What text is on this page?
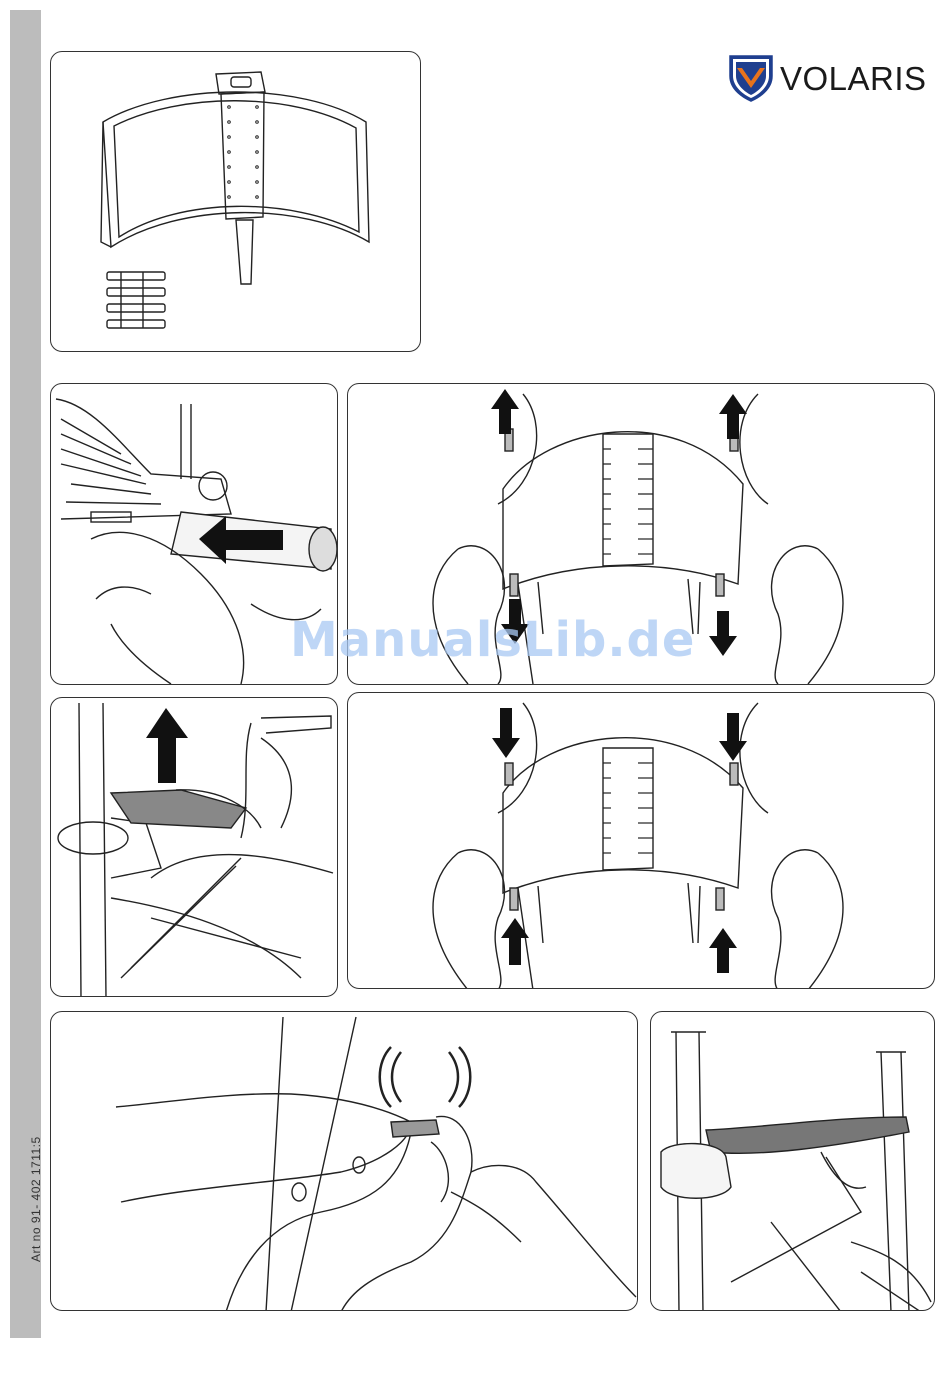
Art no 91- 402 1711:5
VOLARIS
ManualsLib.de
